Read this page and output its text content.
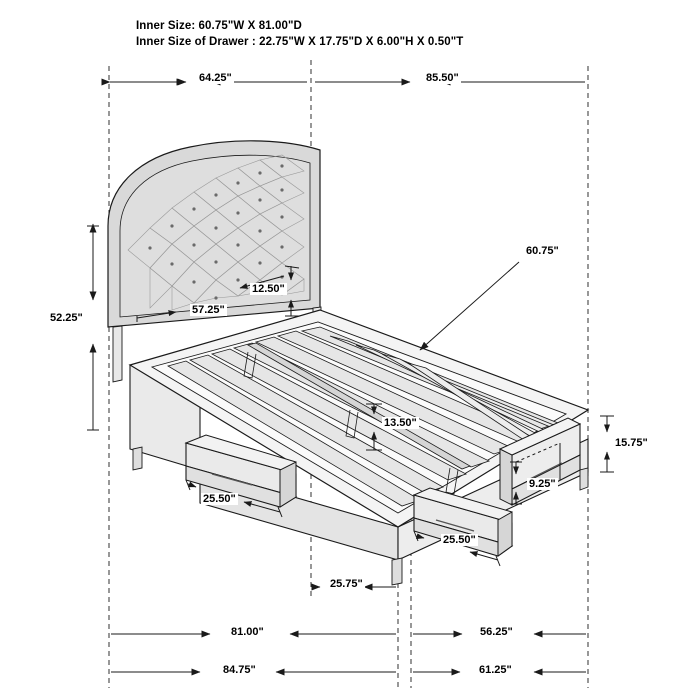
Inner Size: 60.75"W X 81.00"D
Inner Size of Drawer : 22.75"W X 17.75"D X 6.00"H X 0.50"T
64.25"	85.50"
52.25"
57.25"
12.50"
60.75"
13.50"
15.75"
9.25"
25.50"
25.50"
25.75"
81.00"	56.25"
84.75"	61.25"
